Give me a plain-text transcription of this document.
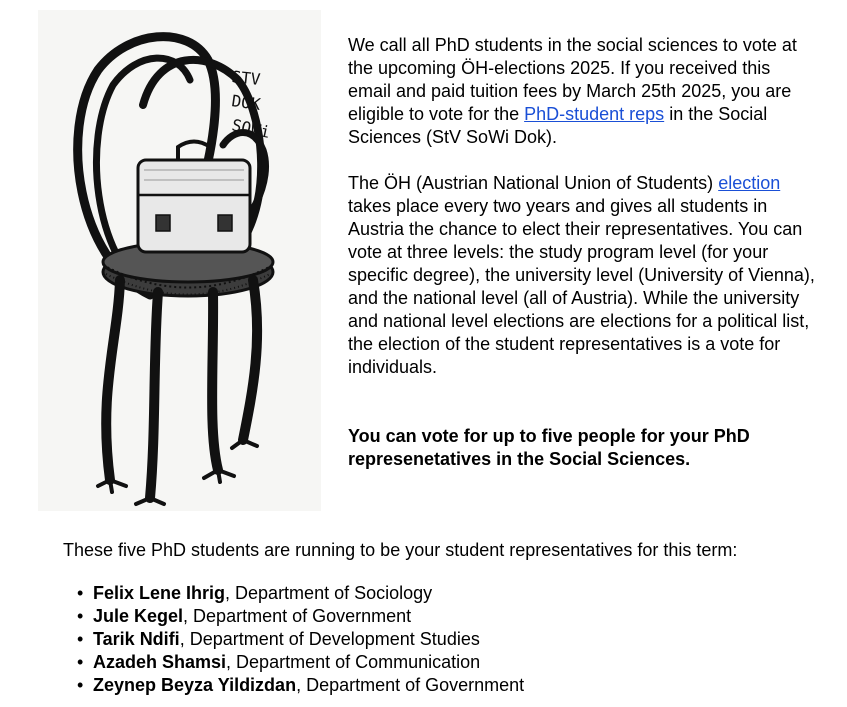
STV
DOK
SOWi

We call all PhD students in the social sciences to vote at the upcoming ÖH-elections 2025. If you received this email and paid tuition fees by March 25th 2025, you are eligible to vote for the PhD-student reps in the Social Sciences (StV SoWi Dok).

The ÖH (Austrian National Union of Students) election takes place every two years and gives all students in Austria the chance to elect their representatives. You can vote at three levels: the study program level (for your specific degree), the university level (University of Vienna), and the national level (all of Austria). While the university and national level elections are elections for a political list, the election of the student representatives is a vote for individuals.

You can vote for up to five people for your PhD represenetatives in the Social Sciences.

These five PhD students are running to be your student representatives for this term:

• Felix Lene Ihrig, Department of Sociology
• Jule Kegel, Department of Government
• Tarik Ndifi, Department of Development Studies
• Azadeh Shamsi, Department of Communication
• Zeynep Beyza Yildizdan, Department of Government
